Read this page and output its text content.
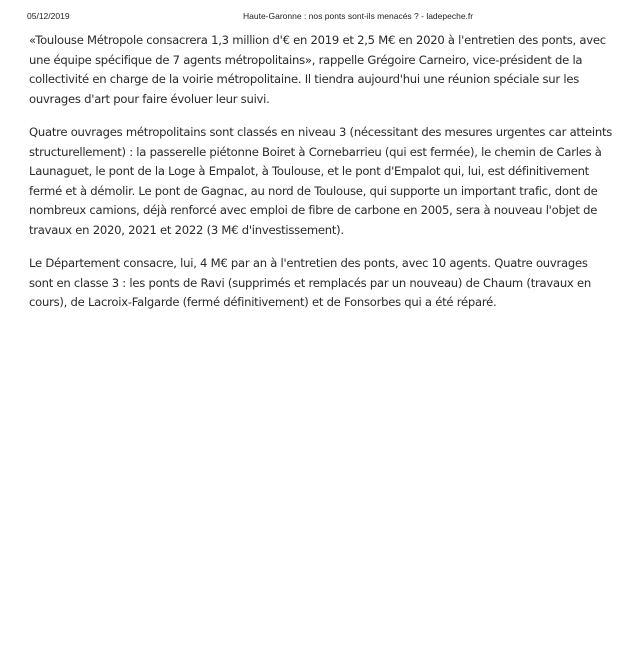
05/12/2019	Haute-Garonne : nos ponts sont-ils menacés ? - ladepeche.fr

«Toulouse Métropole consacrera 1,3 million d'€ en 2019 et 2,5 M€ en 2020 à l'entretien des ponts, avec une équipe spécifique de 7 agents métropolitains», rappelle Grégoire Carneiro, vice-président de la collectivité en charge de la voirie métropolitaine. Il tiendra aujourd'hui une réunion spéciale sur les ouvrages d'art pour faire évoluer leur suivi.

Quatre ouvrages métropolitains sont classés en niveau 3 (nécessitant des mesures urgentes car atteints structurellement) : la passerelle piétonne Boiret à Cornebarrieu (qui est fermée), le chemin de Carles à Launaguet, le pont de la Loge à Empalot, à Toulouse, et le pont d'Empalot qui, lui, est définitivement fermé et à démolir. Le pont de Gagnac, au nord de Toulouse, qui supporte un important trafic, dont de nombreux camions, déjà renforcé avec emploi de fibre de carbone en 2005, sera à nouveau l'objet de travaux en 2020, 2021 et 2022 (3 M€ d'investissement).

Le Département consacre, lui, 4 M€ par an à l'entretien des ponts, avec 10 agents. Quatre ouvrages sont en classe 3 : les ponts de Ravi (supprimés et remplacés par un nouveau) de Chaum (travaux en cours), de Lacroix-Falgarde (fermé définitivement) et de Fonsorbes qui a été réparé.
